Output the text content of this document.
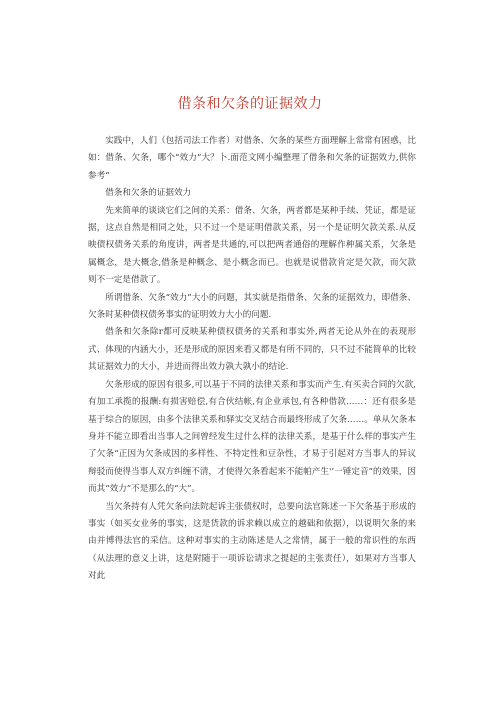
借条和欠条的证据效力

实践中，人们（包括司法工作者）对借条、欠条的某些方面理解上常常有困惑，比如：借条、欠条，哪个“效力”大？卜.面范文网小编整理了借条和欠条的证据效力,供你参考“

借条和欠条的证据效力

先来简单的谈谈它们之间的关系：借条、欠条，两者都是某种手续、凭证，都是证据，这点自然是相同之处，只不过一个是证明借款关系，另一个是证明欠款关系.从反映债权债务关系的角度讲，两者是共通的,可以把两者通俗的理解作种属关系，欠条是属概念，是大概念,借条是种概念、是小概念而已。也就是说借款肯定是欠款，而欠款则不一定是借款了。

所谓借条、欠条“效力”大小的问题，其实就是指借条、欠条的证据效力，即借条、欠条时某种债权债务事实的证明效力大小的问题.

借条和欠条除r都可反映某种债权债务的关系和事实外,两者无论从外在的表现形式、体现的内涵大小，还是形成的原因来看又都是有所不同的，只不过不能简单的比较其证据效力的大小，并进而得出效力孰大孰小的结论.

欠条形成的原因有很多,可以基于不同的法律关系和事实而产生.有买卖合同的欠款,有加工承揽的报酬:有损害赔偿,有合伙结帐,有企业承包,有各种借款……：还有很多是基于综合的原因，由多个法律关系和驿实交叉结合而最终形成了欠条……。单从欠条本身并不能立即看出当事人之间曾经发生过什么样的法律关系，是基于什么样的事实产生了欠条“正因为欠条成因的多样性、不特定性和豆杂性，才易于引起对方当事人的异议辩驳而使得当事人双方纠缠不清，才使得欠条看起来不能帕产生'’一锤定音”的效果，因而其“效力”不是那么的“大”。

当欠条持有人凭欠条向法院起诉主张债权时，总要向法官陈述一下欠条基于形成的事实（如买女业务的事实，这是货款的诉求赖以成立的越础和依据），以说明欠条的来由并博得法官的采信。这种对事实的主动陈述是人之常情，属于一般的常识性的东西（从法理的意义上讲，这是附随于一项诉讼请求之提起的主张责任），如果对方当事人对此
